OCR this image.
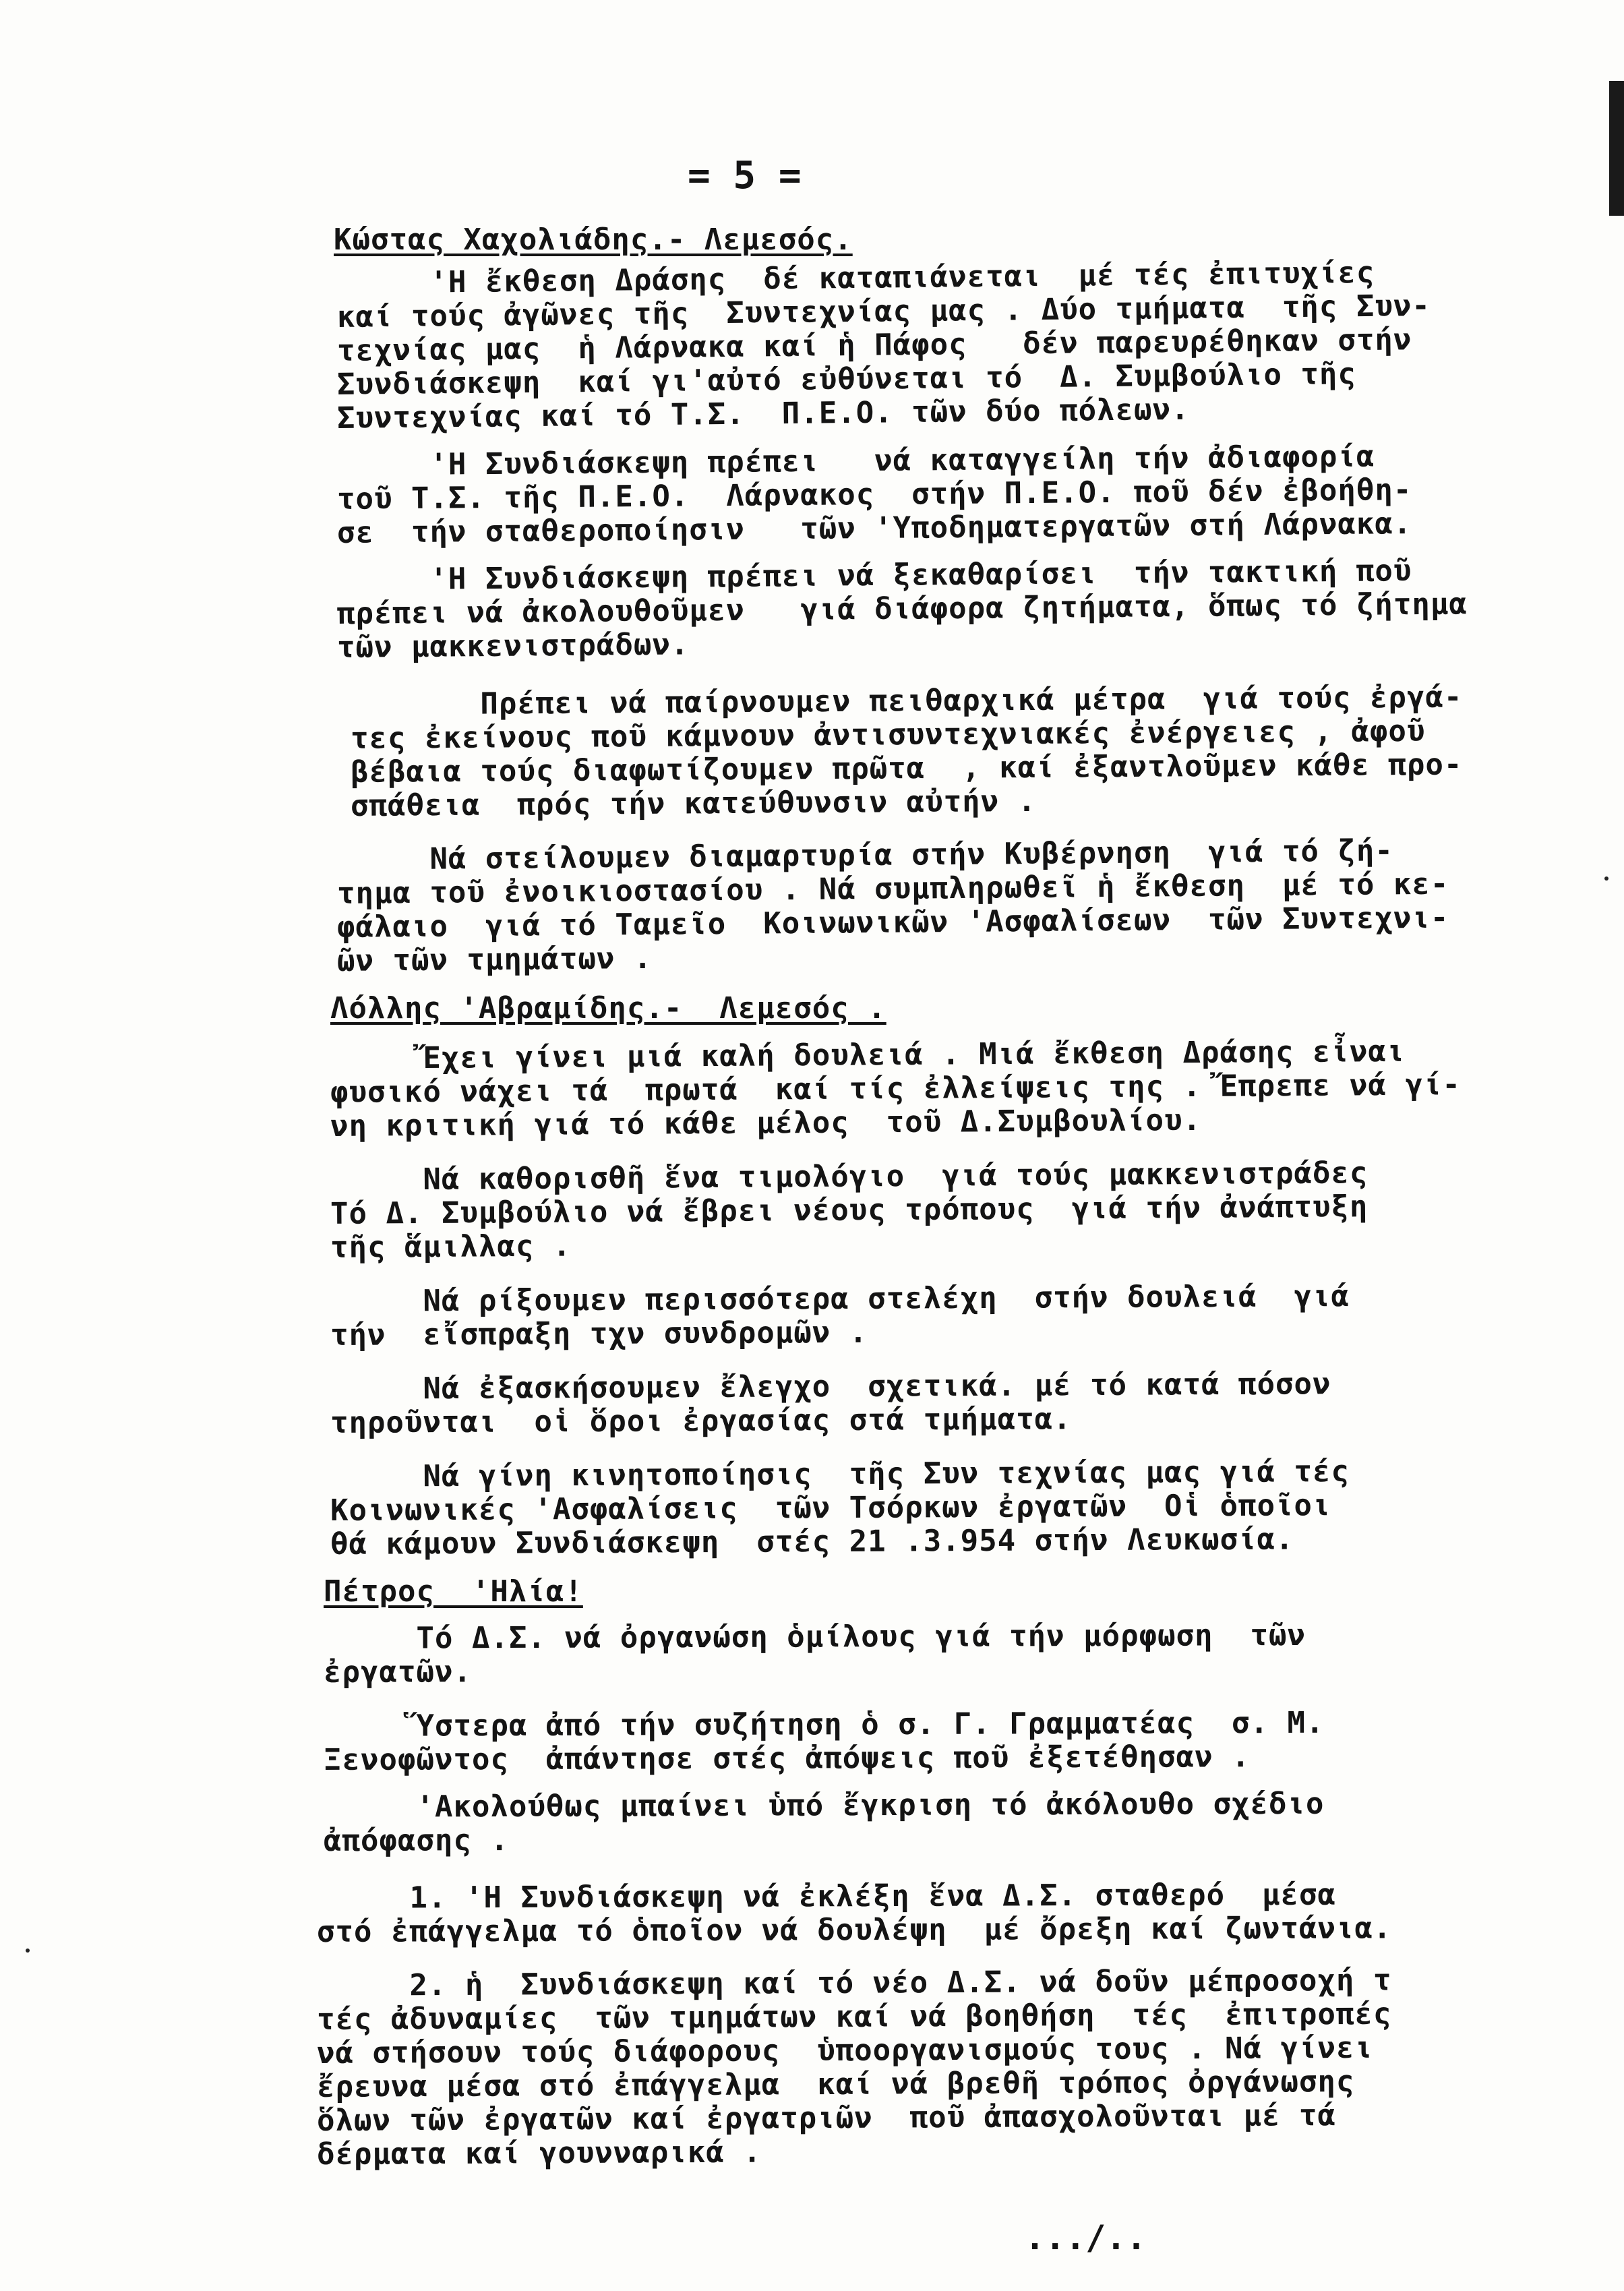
= 5 =
Κώστας Χαχολιάδης.- Λεμεσός.
'Η ἔκθεση Δράσης  δέ καταπιάνεται  μέ τές ἐπιτυχίες
καί τούς ἀγῶνες τῆς  Συντεχνίας μας . Δύο τμήματα  τῆς Συν-
τεχνίας μας  ἡ Λάρνακα καί ἡ Πάφος   δέν παρευρέθηκαν στήν
Συνδιάσκεψη  καί γι'αὐτό εὐθύνεται τό  Δ. Συμβούλιο τῆς
Συντεχνίας καί τό Τ.Σ.  Π.Ε.Ο. τῶν δύο πόλεων.
'Η Συνδιάσκεψη πρέπει   νά καταγγείλη τήν ἀδιαφορία
τοῦ Τ.Σ. τῆς Π.Ε.Ο.  Λάρνακος  στήν Π.Ε.Ο. ποῦ δέν ἐβοήθη-
σε  τήν σταθεροποίησιν   τῶν 'Υποδηματεργατῶν στή Λάρνακα.
'Η Συνδιάσκεψη πρέπει νά ξεκαθαρίσει  τήν τακτική ποῦ
πρέπει νά ἀκολουθοῦμεν   γιά διάφορα ζητήματα, ὅπως τό ζήτημα
τῶν μακκενιστράδων.
Πρέπει νά παίρνουμεν πειθαρχικά μέτρα  γιά τούς ἐργά-
τες ἐκείνους ποῦ κάμνουν ἀντισυντεχνιακές ἐνέργειες , ἀφοῦ
βέβαια τούς διαφωτίζουμεν πρῶτα  , καί ἐξαντλοῦμεν κάθε προ-
σπάθεια  πρός τήν κατεύθυνσιν αὐτήν .
Νά στείλουμεν διαμαρτυρία στήν Κυβέρνηση  γιά τό ζή-
τημα τοῦ ἐνοικιοστασίου . Νά συμπληρωθεῖ ἡ ἔκθεση  μέ τό κε-
φάλαιο  γιά τό Ταμεῖο  Κοινωνικῶν 'Ασφαλίσεων  τῶν Συντεχνι-
ῶν τῶν τμημάτων .
Λόλλης 'Αβραμίδης.-  Λεμεσός .
Ἔχει γίνει μιά καλή δουλειά . Μιά ἔκθεση Δράσης εἶναι
φυσικό νάχει τά  πρωτά  καί τίς ἐλλείψεις της . Ἔπρεπε νά γί-
νη κριτική γιά τό κάθε μέλος  τοῦ Δ.Συμβουλίου.
Νά καθορισθῆ ἕνα τιμολόγιο  γιά τούς μακκενιστράδες
Τό Δ. Συμβούλιο νά ἔβρει νέους τρόπους  γιά τήν ἀνάπτυξη
τῆς ἅμιλλας .
Νά ρίξουμεν περισσότερα στελέχη  στήν δουλειά  γιά
τήν  εἴσπραξη τχν συνδρομῶν .
Νά ἐξασκήσουμεν ἔλεγχο  σχετικά. μέ τό κατά πόσον
τηροῦνται  οἱ ὅροι ἐργασίας στά τμήματα.
Νά γίνη κινητοποίησις  τῆς Συν τεχνίας μας γιά τές
Κοινωνικές 'Ασφαλίσεις  τῶν Τσόρκων ἐργατῶν  Οἱ ὁποῖοι
θά κάμουν Συνδιάσκεψη  στές 21 .3.954 στήν Λευκωσία.
Πέτρος  'Ηλία!
Τό Δ.Σ. νά ὀργανώση ὁμίλους γιά τήν μόρφωση  τῶν
ἐργατῶν.
Ὕστερα ἀπό τήν συζήτηση ὁ σ. Γ. Γραμματέας  σ. Μ.
Ξενοφῶντος  ἀπάντησε στές ἀπόψεις ποῦ ἐξετέθησαν .
'Ακολούθως μπαίνει ὑπό ἔγκριση τό ἀκόλουθο σχέδιο
ἀπόφασης .
1. 'Η Συνδιάσκεψη νά ἐκλέξη ἕνα Δ.Σ. σταθερό  μέσα
στό ἐπάγγελμα τό ὁποῖον νά δουλέψη  μέ ὄρεξη καί ζωντάνια.
2. ἡ  Συνδιάσκεψη καί τό νέο Δ.Σ. νά δοῦν μέπροσοχή τ
τές ἀδυναμίες  τῶν τμημάτων καί νά βοηθήση  τές  ἐπιτροπές
νά στήσουν τούς διάφορους  ὑποοργανισμούς τους . Νά γίνει
ἔρευνα μέσα στό ἐπάγγελμα  καί νά βρεθῆ τρόπος ὀργάνωσης
ὅλων τῶν ἐργατῶν καί ἐργατριῶν  ποῦ ἀπασχολοῦνται μέ τά
δέρματα καί γουνναρικά .
.../..
